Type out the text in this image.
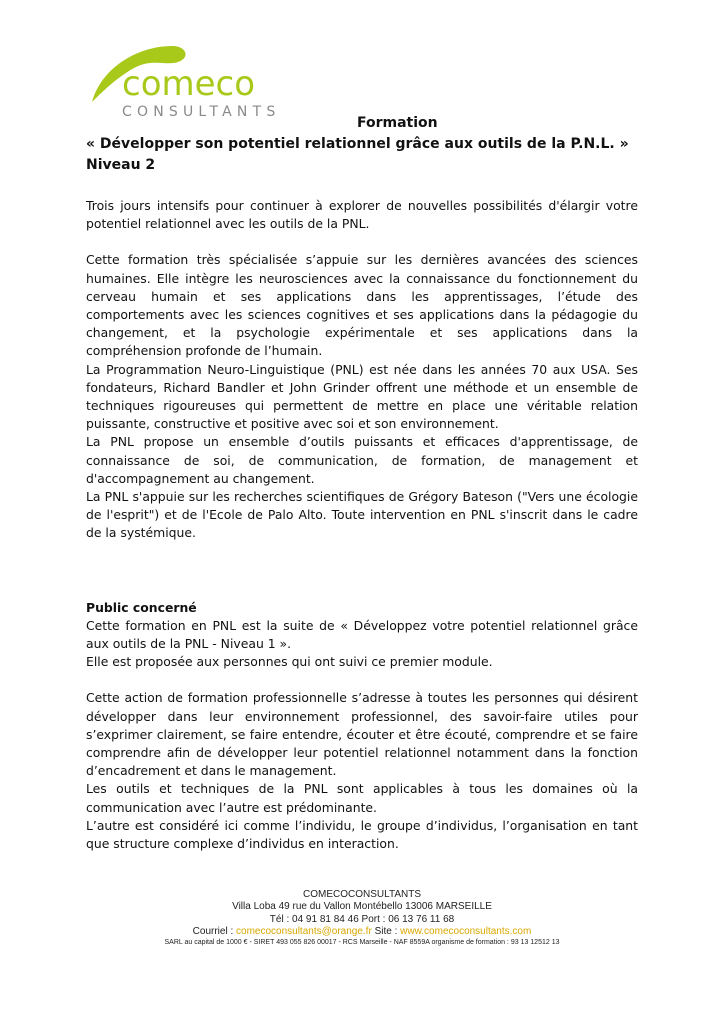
comeco
CONSULTANTS
Formation
« Développer son potentiel relationnel grâce aux outils de la P.N.L. »
Niveau 2

Trois jours intensifs pour continuer à explorer de nouvelles possibilités d'élargir votre potentiel relationnel avec les outils de la PNL.

Cette formation très spécialisée s’appuie sur les dernières avancées des sciences humaines. Elle intègre les neurosciences avec la connaissance du fonctionnement du cerveau humain et ses applications dans les apprentissages, l’étude des comportements avec les sciences cognitives et ses applications dans la pédagogie du changement, et la psychologie expérimentale et ses applications dans la compréhension profonde de l’humain.

La Programmation Neuro-Linguistique (PNL) est née dans les années 70 aux USA. Ses fondateurs, Richard Bandler et John Grinder offrent une méthode et un ensemble de techniques rigoureuses qui permettent de mettre en place une véritable relation puissante, constructive et positive avec soi et son environnement.

La PNL propose un ensemble d’outils puissants et efficaces d'apprentissage, de connaissance de soi, de communication, de formation, de management et d'accompagnement au changement.

La PNL s'appuie sur les recherches scientifiques de Grégory Bateson ("Vers une écologie de l'esprit") et de l'Ecole de Palo Alto. Toute intervention en PNL s'inscrit dans le cadre de la systémique.

Public concerné

Cette formation en PNL est la suite de « Développez votre potentiel relationnel grâce aux outils de la PNL - Niveau 1 ».

Elle est proposée aux personnes qui ont suivi ce premier module.

Cette action de formation professionnelle s’adresse à toutes les personnes qui désirent développer dans leur environnement professionnel, des savoir-faire utiles pour s’exprimer clairement, se faire entendre, écouter et être écouté, comprendre et se faire comprendre afin de développer leur potentiel relationnel notamment dans la fonction d’encadrement et dans le management.

Les outils et techniques de la PNL sont applicables à tous les domaines où la communication avec l’autre est prédominante.

L’autre est considéré ici comme l’individu, le groupe d’individus, l’organisation en tant que structure complexe d’individus en interaction.

COMECOCONSULTANTS
Villa Loba 49 rue du Vallon Montébello 13006 MARSEILLE
Tél : 04 91 81 84 46 Port : 06 13 76 11 68
Courriel : comecoconsultants@orange.fr Site : www.comecoconsultants.com
SARL au capital de 1000 € - SIRET 493 055 826 00017 - RCS Marseille - NAF 8559A organisme de formation : 93 13 12512 13
